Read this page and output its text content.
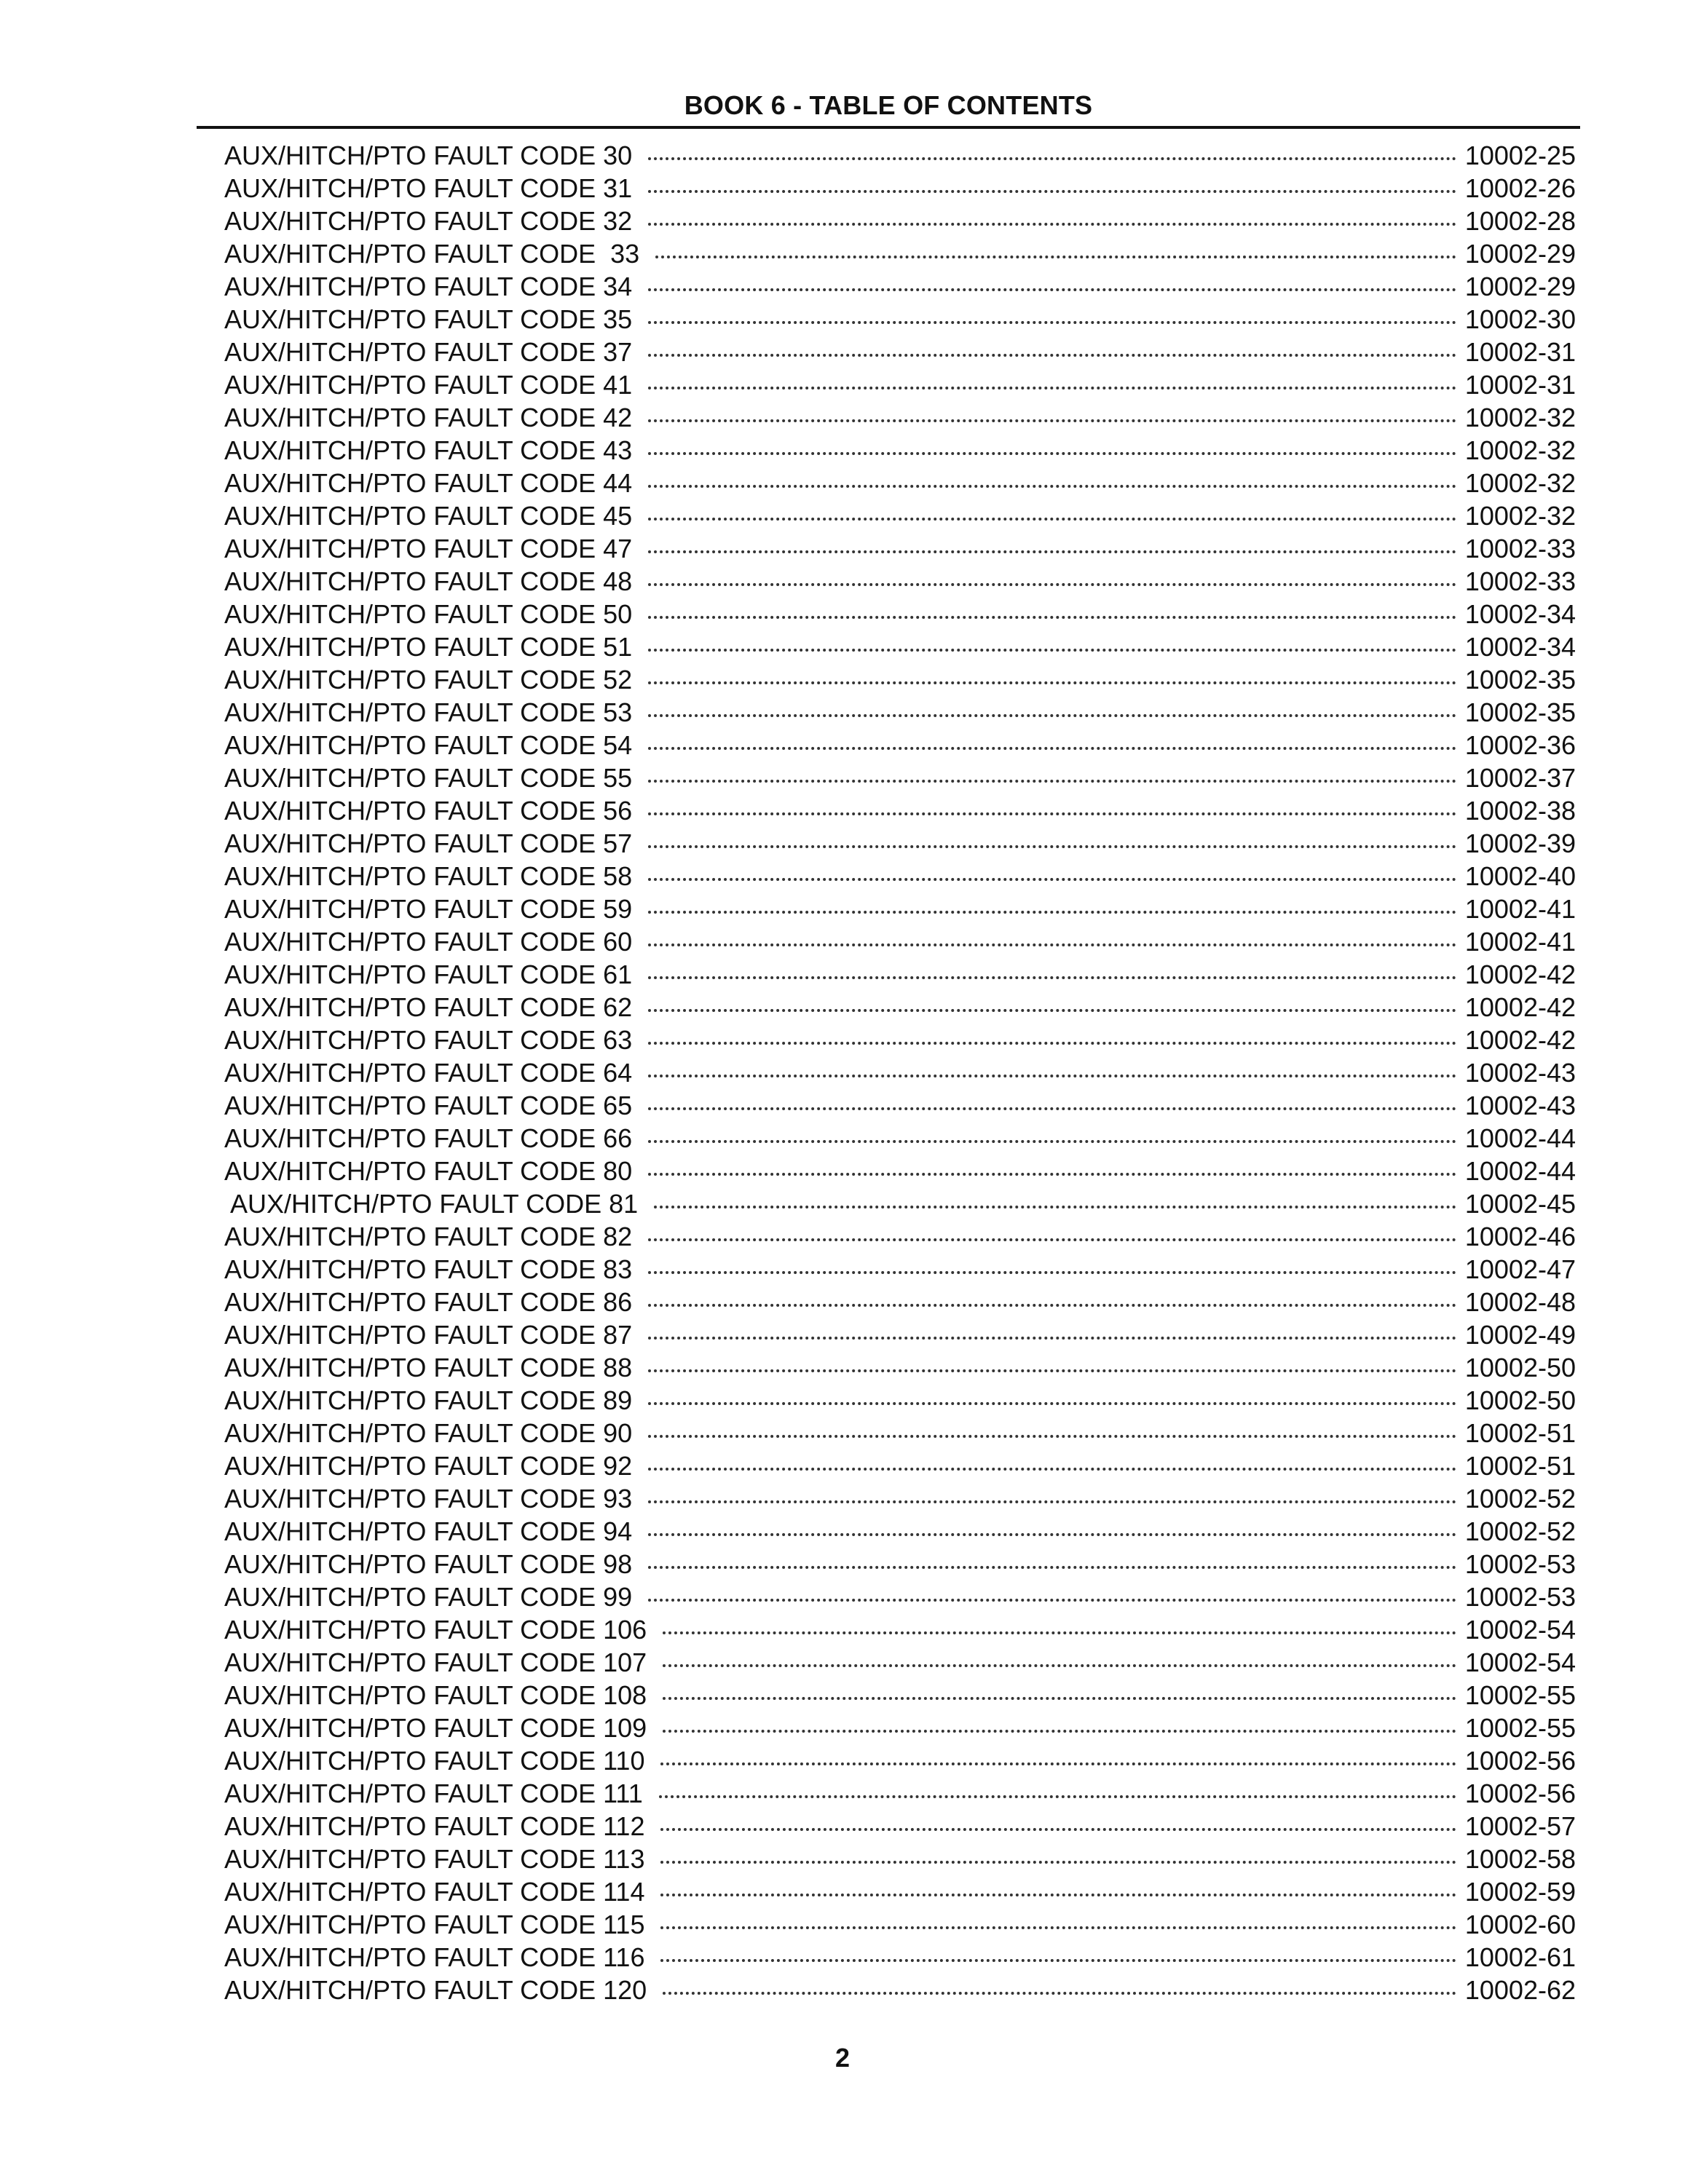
BOOK 6 - TABLE OF CONTENTS
AUX/HITCH/PTO FAULT CODE 30	10002-25
AUX/HITCH/PTO FAULT CODE 31	10002-26
AUX/HITCH/PTO FAULT CODE 32	10002-28
AUX/HITCH/PTO FAULT CODE  33	10002-29
AUX/HITCH/PTO FAULT CODE 34	10002-29
AUX/HITCH/PTO FAULT CODE 35	10002-30
AUX/HITCH/PTO FAULT CODE 37	10002-31
AUX/HITCH/PTO FAULT CODE 41	10002-31
AUX/HITCH/PTO FAULT CODE 42	10002-32
AUX/HITCH/PTO FAULT CODE 43	10002-32
AUX/HITCH/PTO FAULT CODE 44	10002-32
AUX/HITCH/PTO FAULT CODE 45	10002-32
AUX/HITCH/PTO FAULT CODE 47	10002-33
AUX/HITCH/PTO FAULT CODE 48	10002-33
AUX/HITCH/PTO FAULT CODE 50	10002-34
AUX/HITCH/PTO FAULT CODE 51	10002-34
AUX/HITCH/PTO FAULT CODE 52	10002-35
AUX/HITCH/PTO FAULT CODE 53	10002-35
AUX/HITCH/PTO FAULT CODE 54	10002-36
AUX/HITCH/PTO FAULT CODE 55	10002-37
AUX/HITCH/PTO FAULT CODE 56	10002-38
AUX/HITCH/PTO FAULT CODE 57	10002-39
AUX/HITCH/PTO FAULT CODE 58	10002-40
AUX/HITCH/PTO FAULT CODE 59	10002-41
AUX/HITCH/PTO FAULT CODE 60	10002-41
AUX/HITCH/PTO FAULT CODE 61	10002-42
AUX/HITCH/PTO FAULT CODE 62	10002-42
AUX/HITCH/PTO FAULT CODE 63	10002-42
AUX/HITCH/PTO FAULT CODE 64	10002-43
AUX/HITCH/PTO FAULT CODE 65	10002-43
AUX/HITCH/PTO FAULT CODE 66	10002-44
AUX/HITCH/PTO FAULT CODE 80	10002-44
AUX/HITCH/PTO FAULT CODE 81	10002-45
AUX/HITCH/PTO FAULT CODE 82	10002-46
AUX/HITCH/PTO FAULT CODE 83	10002-47
AUX/HITCH/PTO FAULT CODE 86	10002-48
AUX/HITCH/PTO FAULT CODE 87	10002-49
AUX/HITCH/PTO FAULT CODE 88	10002-50
AUX/HITCH/PTO FAULT CODE 89	10002-50
AUX/HITCH/PTO FAULT CODE 90	10002-51
AUX/HITCH/PTO FAULT CODE 92	10002-51
AUX/HITCH/PTO FAULT CODE 93	10002-52
AUX/HITCH/PTO FAULT CODE 94	10002-52
AUX/HITCH/PTO FAULT CODE 98	10002-53
AUX/HITCH/PTO FAULT CODE 99	10002-53
AUX/HITCH/PTO FAULT CODE 106	10002-54
AUX/HITCH/PTO FAULT CODE 107	10002-54
AUX/HITCH/PTO FAULT CODE 108	10002-55
AUX/HITCH/PTO FAULT CODE 109	10002-55
AUX/HITCH/PTO FAULT CODE 110	10002-56
AUX/HITCH/PTO FAULT CODE 111	10002-56
AUX/HITCH/PTO FAULT CODE 112	10002-57
AUX/HITCH/PTO FAULT CODE 113	10002-58
AUX/HITCH/PTO FAULT CODE 114	10002-59
AUX/HITCH/PTO FAULT CODE 115	10002-60
AUX/HITCH/PTO FAULT CODE 116	10002-61
AUX/HITCH/PTO FAULT CODE 120	10002-62
2
